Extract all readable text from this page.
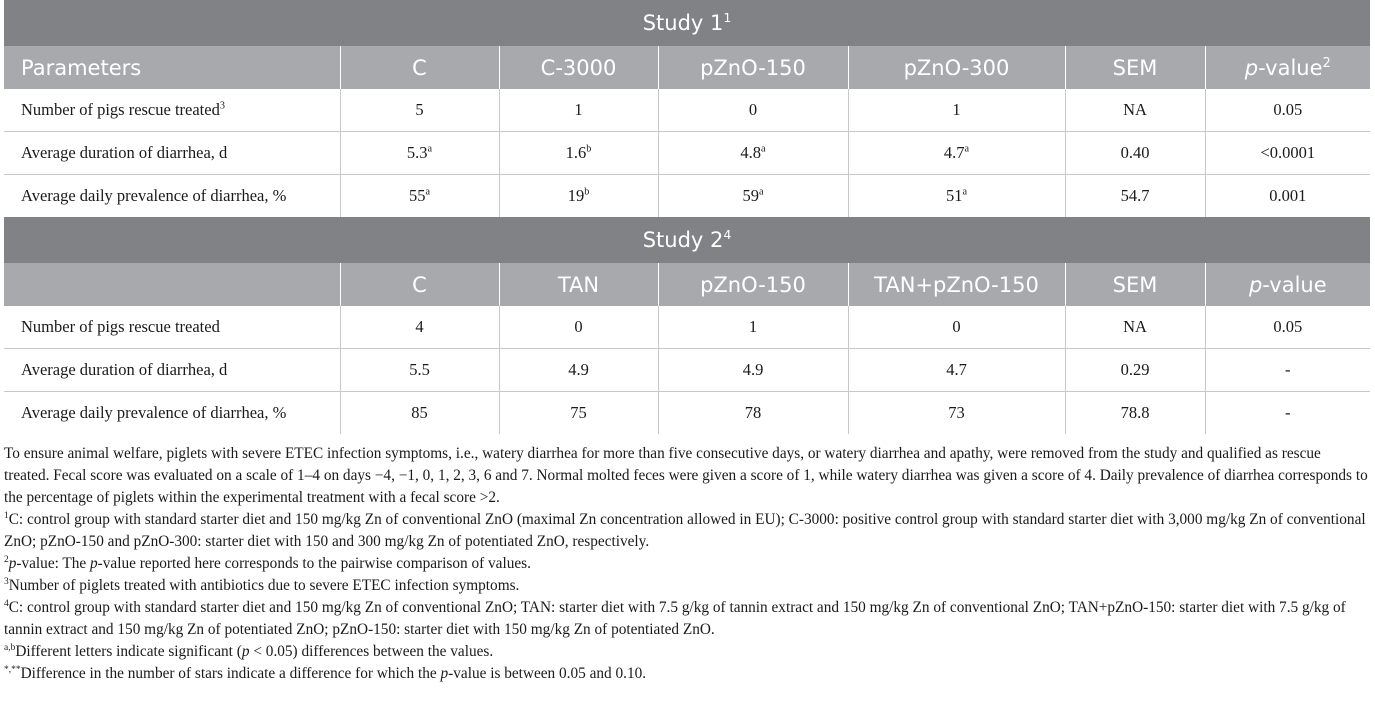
Study $1^1$
Parameters	C	C-3000	pZnO-150	pZnO-300	SEM	p-value$^2$
Number of pigs rescue treated$^3$	5	1	0	1	NA	0.05
Average duration of diarrhea, d	5.3$^a$	1.6$^b$	4.8$^a$	4.7$^a$	0.40	<0.0001
Average daily prevalence of diarrhea, %	55$^a$	19$^b$	59$^a$	51$^a$	54.7	0.001
Study $2^4$
	C	TAN	pZnO-150	TAN+pZnO-150	SEM	p-value
Number of pigs rescue treated	4	0	1	0	NA	0.05
Average duration of diarrhea, d	5.5	4.9	4.9	4.7	0.29	-
Average daily prevalence of diarrhea, %	85	75	78	73	78.8	-

To ensure animal welfare, piglets with severe ETEC infection symptoms, i.e., watery diarrhea for more than five consecutive days, or watery diarrhea and apathy, were removed from the study and qualified as rescue treated. Fecal score was evaluated on a scale of 1–4 on days −4, −1, 0, 1, 2, 3, 6 and 7. Normal molted feces were given a score of 1, while watery diarrhea was given a score of 4. Daily prevalence of diarrhea corresponds to the percentage of piglets within the experimental treatment with a fecal score >2.

$^1$C: control group with standard starter diet and 150 mg/kg Zn of conventional ZnO (maximal Zn concentration allowed in EU); C-3000: positive control group with standard starter diet with 3,000 mg/kg Zn of conventional ZnO; pZnO-150 and pZnO-300: starter diet with 150 and 300 mg/kg Zn of potentiated ZnO, respectively.

$^2$p-value: The p-value reported here corresponds to the pairwise comparison of values.

$^3$Number of piglets treated with antibiotics due to severe ETEC infection symptoms.

$^4$C: control group with standard starter diet and 150 mg/kg Zn of conventional ZnO; TAN: starter diet with 7.5 g/kg of tannin extract and 150 mg/kg Zn of conventional ZnO; TAN+pZnO-150: starter diet with 7.5 g/kg of tannin extract and 150 mg/kg Zn of potentiated ZnO; pZnO-150: starter diet with 150 mg/kg Zn of potentiated ZnO.

$^{a,b}$Different letters indicate significant (p < 0.05) differences between the values.

*,**Difference in the number of stars indicate a difference for which the p-value is between 0.05 and 0.10.
